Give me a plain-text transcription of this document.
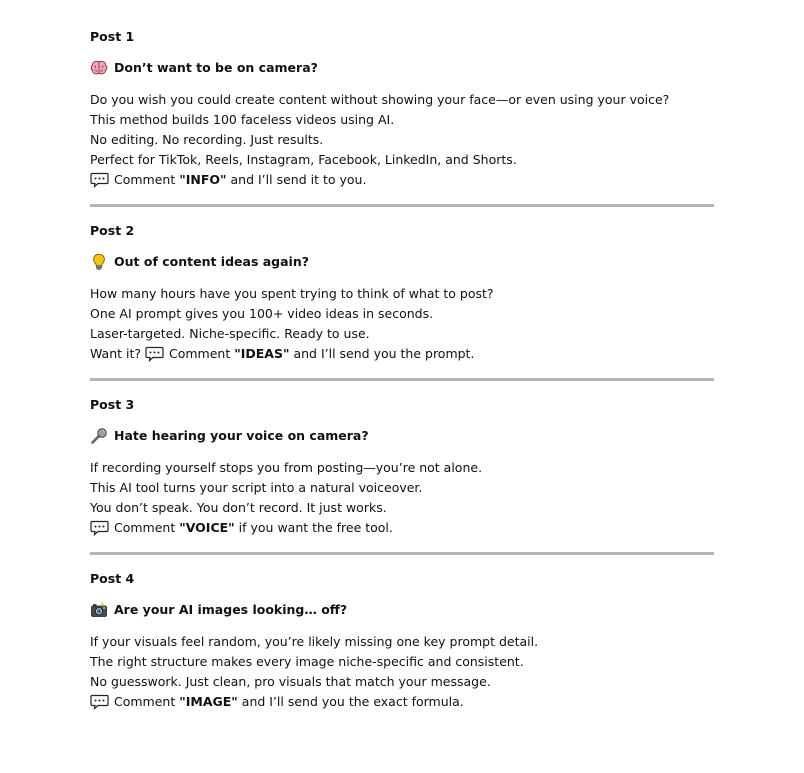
Post 1
Don’t want to be on camera?
Do you wish you could create content without showing your face—or even using your voice?
This method builds 100 faceless videos using AI.
No editing. No recording. Just results.
Perfect for TikTok, Reels, Instagram, Facebook, LinkedIn, and Shorts.
Comment "INFO" and I’ll send it to you.
Post 2
Out of content ideas again?
How many hours have you spent trying to think of what to post?
One AI prompt gives you 100+ video ideas in seconds.
Laser-targeted. Niche-specific. Ready to use.
Want it? Comment "IDEAS" and I’ll send you the prompt.
Post 3
Hate hearing your voice on camera?
If recording yourself stops you from posting—you’re not alone.
This AI tool turns your script into a natural voiceover.
You don’t speak. You don’t record. It just works.
Comment "VOICE" if you want the free tool.
Post 4
Are your AI images looking… off?
If your visuals feel random, you’re likely missing one key prompt detail.
The right structure makes every image niche-specific and consistent.
No guesswork. Just clean, pro visuals that match your message.
Comment "IMAGE" and I’ll send you the exact formula.
